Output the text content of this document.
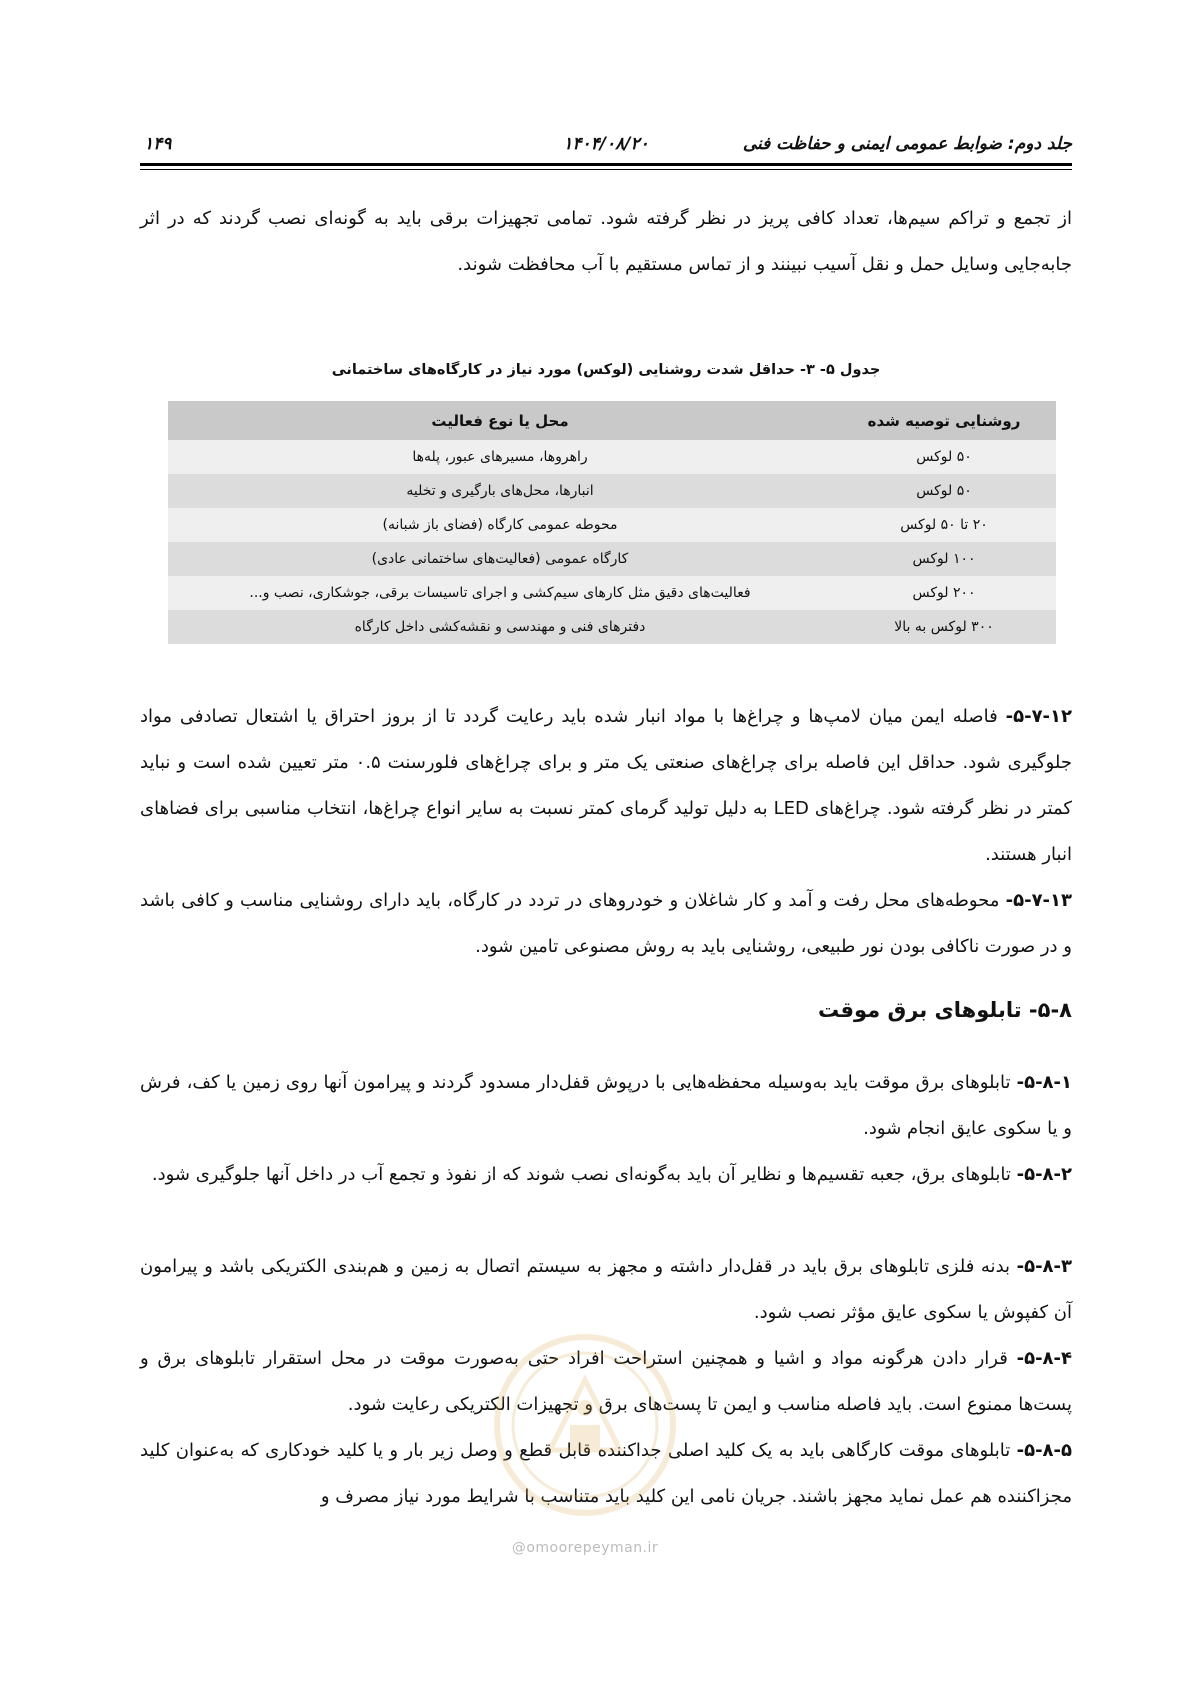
جلد دوم: ضوابط عمومی ایمنی و حفاظت فنی
۱۴۰۴/۰۸/۲۰
۱۴۹
از تجمع و تراکم سیم‌ها، تعداد کافی پریز در نظر گرفته شود. تمامی تجهیزات برقی باید به گونه‌ای نصب گردند که در اثر جابه‌جایی وسایل حمل و نقل آسیب نبینند و از تماس مستقیم با آب محافظت شوند.
جدول ۵- ۳- حداقل شدت روشنایی (لوکس) مورد نیاز در کارگاه‌های ساختمانی
روشنایی توصیه شده	محل یا نوع فعالیت
۵۰ لوکس	راهروها، مسیرهای عبور، پله‌ها
۵۰ لوکس	انبارها، محل‌های بارگیری و تخلیه
۲۰ تا ۵۰ لوکس	محوطه عمومی کارگاه (فضای باز شبانه)
۱۰۰ لوکس	کارگاه عمومی (فعالیت‌های ساختمانی عادی)
۲۰۰ لوکس	فعالیت‌های دقیق مثل کارهای سیم‌کشی و اجرای تاسیسات برقی، جوشکاری، نصب و...
۳۰۰ لوکس به بالا	دفترهای فنی و مهندسی و نقشه‌کشی داخل کارگاه
۵-۷-۱۲- فاصله ایمن میان لامپ‌ها و چراغ‌ها با مواد انبار شده باید رعایت گردد تا از بروز احتراق یا اشتعال تصادفی مواد جلوگیری شود. حداقل این فاصله برای چراغ‌های صنعتی یک متر و برای چراغ‌های فلورسنت ۰.۵ متر تعیین شده است و نباید کمتر در نظر گرفته شود. چراغ‌های LED به دلیل تولید گرمای کمتر نسبت به سایر انواع چراغ‌ها، انتخاب مناسبی برای فضاهای انبار هستند.
۵-۷-۱۳- محوطه‌های محل رفت و آمد و کار شاغلان و خودروهای در تردد در کارگاه، باید دارای روشنایی مناسب و کافی باشد و در صورت ناکافی بودن نور طبیعی، روشنایی باید به روش مصنوعی تامین شود.
۵-۸- تابلوهای برق موقت
۵-۸-۱- تابلوهای برق موقت باید به‌وسیله محفظه‌هایی با درپوش قفل‌دار مسدود گردند و پیرامون آنها روی زمین یا کف، فرش و یا سکوی عایق انجام شود.
۵-۸-۲- تابلوهای برق، جعبه تقسیم‌ها و نظایر آن باید به‌گونه‌ای نصب شوند که از نفوذ و تجمع آب در داخل آنها جلوگیری شود.
۵-۸-۳- بدنه فلزی تابلوهای برق باید در قفل‌دار داشته و مجهز به سیستم اتصال به زمین و هم‌بندی الکتریکی باشد و پیرامون آن کفپوش یا سکوی عایق مؤثر نصب شود.
۵-۸-۴- قرار دادن هرگونه مواد و اشیا و همچنین استراحت افراد حتی به‌صورت موقت در محل استقرار تابلوهای برق و پست‌ها ممنوع است. باید فاصله مناسب و ایمن تا پست‌های برق و تجهیزات الکتریکی رعایت شود.
۵-۸-۵- تابلوهای موقت کارگاهی باید به یک کلید اصلی جداکننده قابل قطع و وصل زیر بار و یا کلید خودکاری که به‌عنوان کلید مجزاکننده هم عمل نماید مجهز باشند. جریان نامی این کلید باید متناسب با شرایط مورد نیاز مصرف و
@omoorepeyman.ir
